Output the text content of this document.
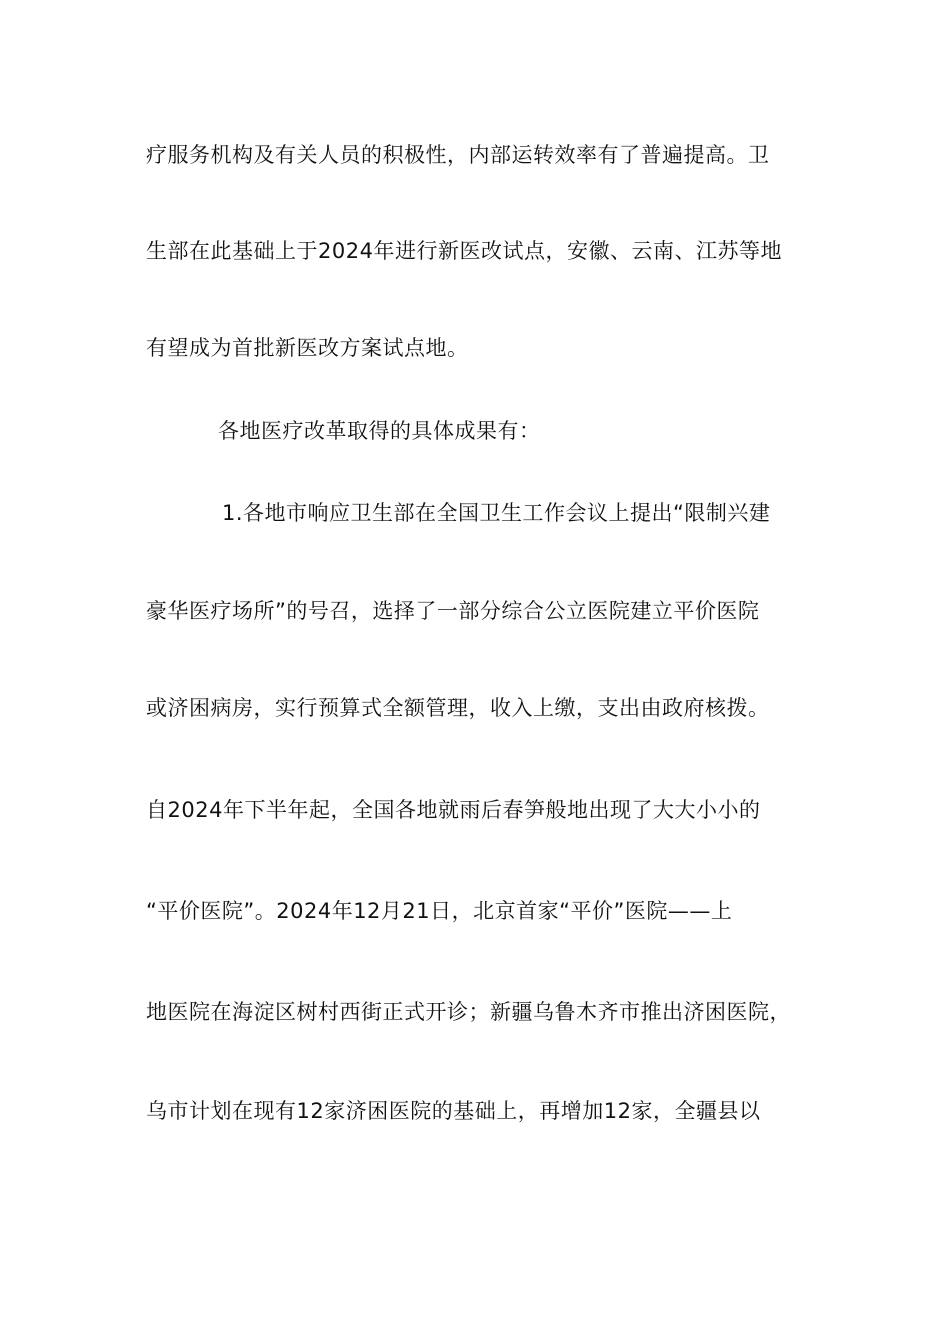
疗服务机构及有关人员的积极性，内部运转效率有了普遍提高。卫
生部在此基础上于2024年进行新医改试点，安徽、云南、江苏等地
有望成为首批新医改方案试点地。
各地医疗改革取得的具体成果有：
1.各地市响应卫生部在全国卫生工作会议上提出“限制兴建
豪华医疗场所”的号召，选择了一部分综合公立医院建立平价医院
或济困病房，实行预算式全额管理，收入上缴，支出由政府核拨。
自2024年下半年起，全国各地就雨后春笋般地出现了大大小小的
“平价医院”。2024年12月21日，北京首家“平价”医院——上
地医院在海淀区树村西街正式开诊；新疆乌鲁木齐市推出济困医院，
乌市计划在现有12家济困医院的基础上，再增加12家，全疆县以
